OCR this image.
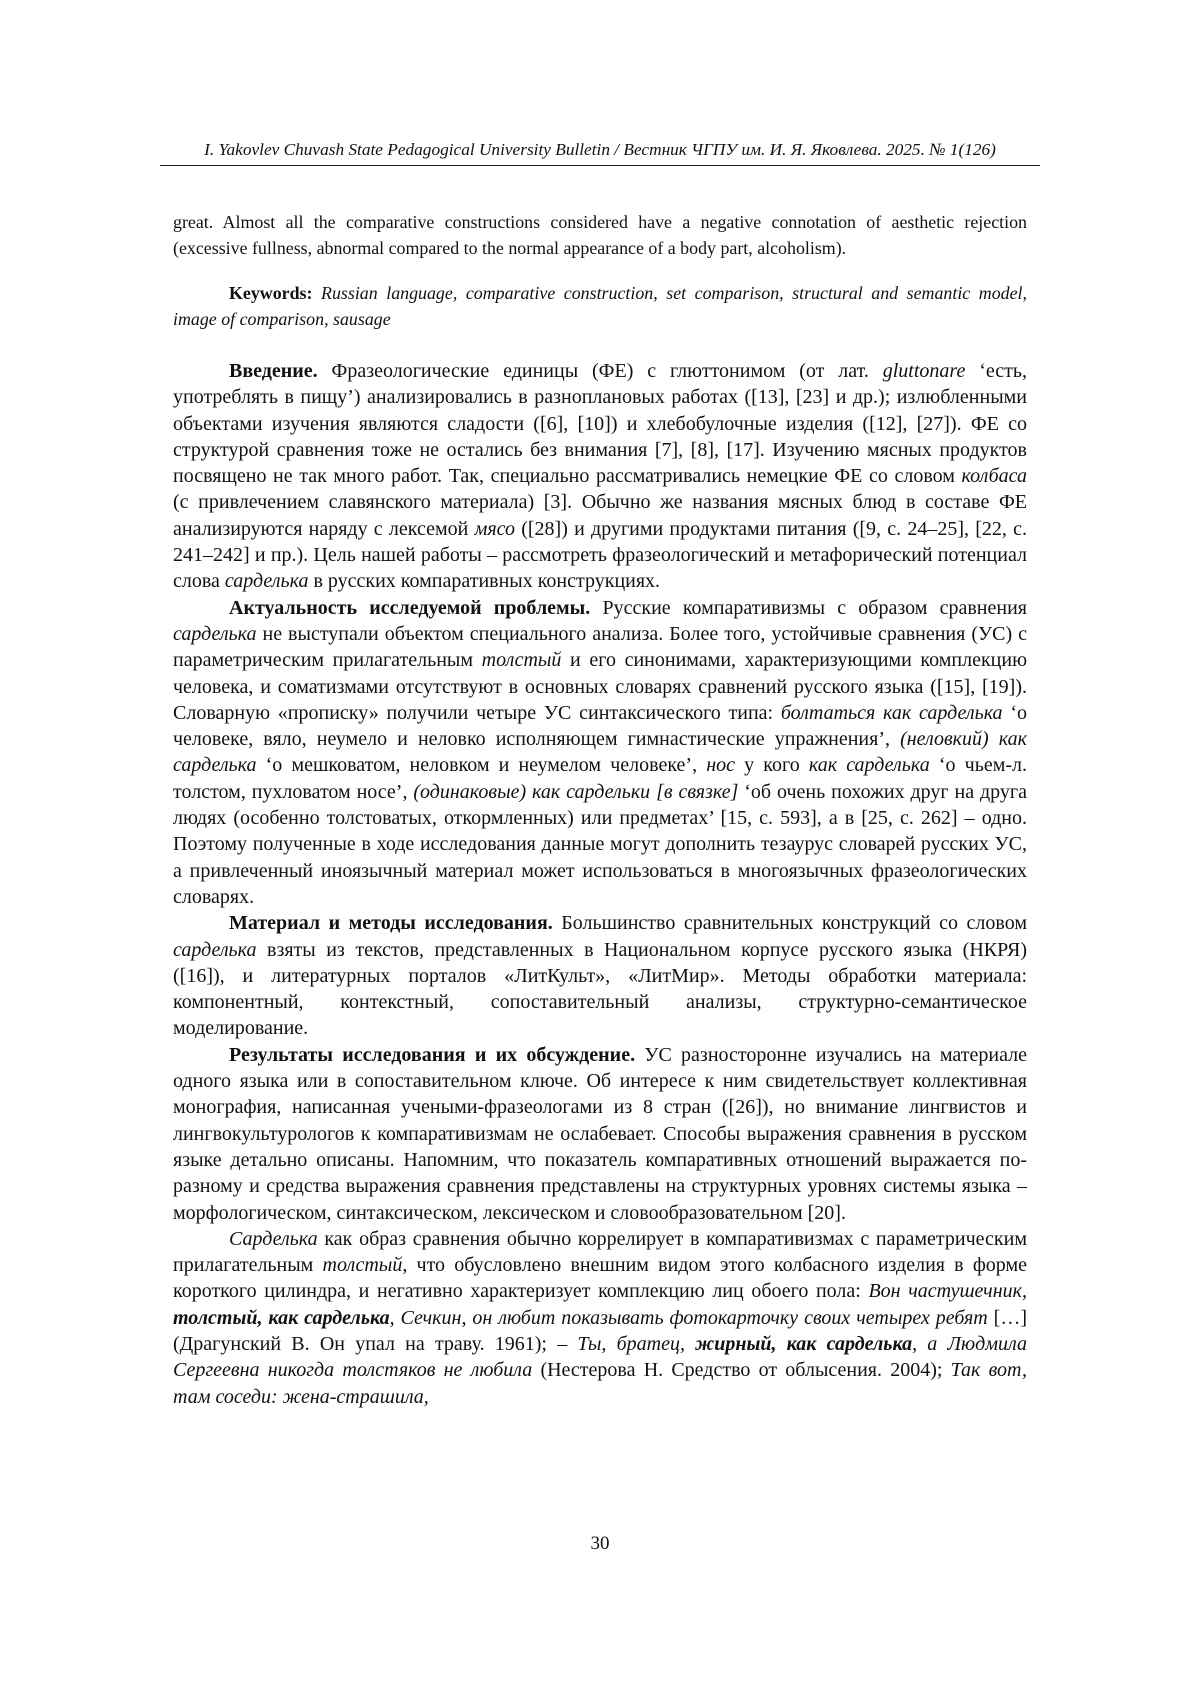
I. Yakovlev Chuvash State Pedagogical University Bulletin / Вестник ЧГПУ им. И. Я. Яковлева. 2025. № 1(126)

great. Almost all the comparative constructions considered have a negative connotation of aesthetic rejection (excessive fullness, abnormal compared to the normal appearance of a body part, alcoholism).

Keywords: Russian language, comparative construction, set comparison, structural and semantic model, image of comparison, sausage

Введение. Фразеологические единицы (ФЕ) с глюттонимом (от лат. gluttonare ‘есть, употреблять в пищу’) анализировались в разноплановых работах ([13], [23] и др.); излюбленными объектами изучения являются сладости ([6], [10]) и хлебобулочные изделия ([12], [27]). ФЕ со структурой сравнения тоже не остались без внимания [7], [8], [17]. Изучению мясных продуктов посвящено не так много работ. Так, специально рассматривались немецкие ФЕ со словом колбаса (с привлечением славянского материала) [3]. Обычно же названия мясных блюд в составе ФЕ анализируются наряду с лексемой мясо ([28]) и другими продуктами питания ([9, с. 24–25], [22, с. 241–242] и пр.). Цель нашей работы – рассмотреть фразеологический и метафорический потенциал слова сарделька в русских компаративных конструкциях.

Актуальность исследуемой проблемы. Русские компаративизмы с образом сравнения сарделька не выступали объектом специального анализа. Более того, устойчивые сравнения (УС) с параметрическим прилагательным толстый и его синонимами, характеризующими комплекцию человека, и соматизмами отсутствуют в основных словарях сравнений русского языка ([15], [19]). Словарную «прописку» получили четыре УС синтаксического типа: болтаться как сарделька ‘о человеке, вяло, неумело и неловко исполняющем гимнастические упражнения’, (неловкий) как сарделька ‘о мешковатом, неловком и неумелом человеке’, нос у кого как сарделька ‘о чьем-л. толстом, пухловатом носе’, (одинаковые) как сардельки [в связке] ‘об очень похожих друг на друга людях (особенно толстоватых, откормленных) или предметах’ [15, с. 593], а в [25, с. 262] – одно. Поэтому полученные в ходе исследования данные могут дополнить тезаурус словарей русских УС, а привлеченный иноязычный материал может использоваться в многоязычных фразеологических словарях.

Материал и методы исследования. Большинство сравнительных конструкций со словом сарделька взяты из текстов, представленных в Национальном корпусе русского языка (НКРЯ) ([16]), и литературных порталов «ЛитКульт», «ЛитМир». Методы обработки материала: компонентный, контекстный, сопоставительный анализы, структурно-семантическое моделирование.

Результаты исследования и их обсуждение. УС разносторонне изучались на материале одного языка или в сопоставительном ключе. Об интересе к ним свидетельствует коллективная монография, написанная учеными-фразеологами из 8 стран ([26]), но внимание лингвистов и лингвокультурологов к компаративизмам не ослабевает. Способы выражения сравнения в русском языке детально описаны. Напомним, что показатель компаративных отношений выражается по-разному и средства выражения сравнения представлены на структурных уровнях системы языка – морфологическом, синтаксическом, лексическом и словообразовательном [20].

Сарделька как образ сравнения обычно коррелирует в компаративизмах с параметрическим прилагательным толстый, что обусловлено внешним видом этого колбасного изделия в форме короткого цилиндра, и негативно характеризует комплекцию лиц обоего пола: Вон частушечник, толстый, как сарделька, Сечкин, он любит показывать фотокарточку своих четырех ребят […] (Драгунский В. Он упал на траву. 1961); – Ты, братец, жирный, как сарделька, а Людмила Сергеевна никогда толстяков не любила (Нестерова Н. Средство от облысения. 2004); Так вот, там соседи: жена-страшила,

30
